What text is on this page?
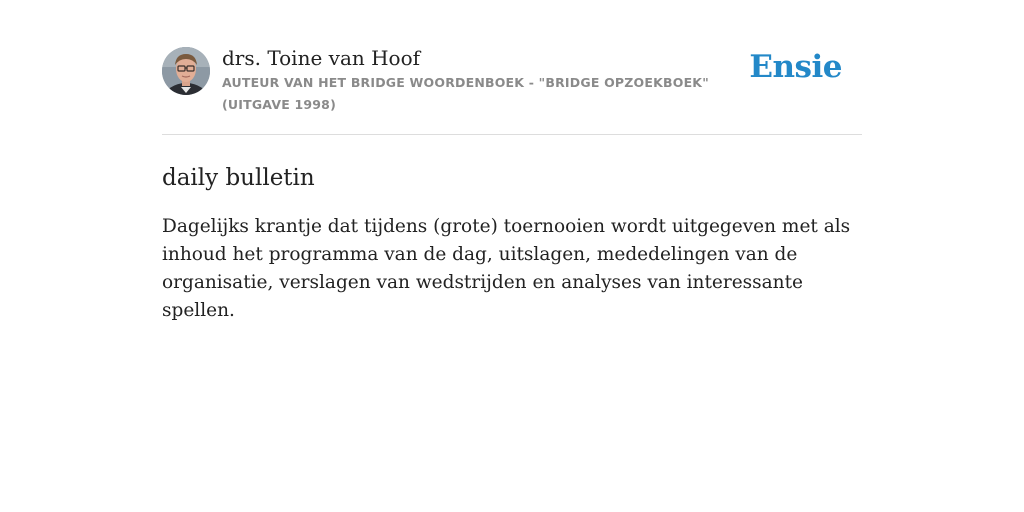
drs. Toine van Hoof
AUTEUR VAN HET BRIDGE WOORDENBOEK - "BRIDGE OPZOEKBOEK" (UITGAVE 1998)
Ensie
daily bulletin

Dagelijks krantje dat tijdens (grote) toernooien wordt uitgegeven met als inhoud het programma van de dag, uitslagen, mededelingen van de organisatie, verslagen van wedstrijden en analyses van interessante spellen.
